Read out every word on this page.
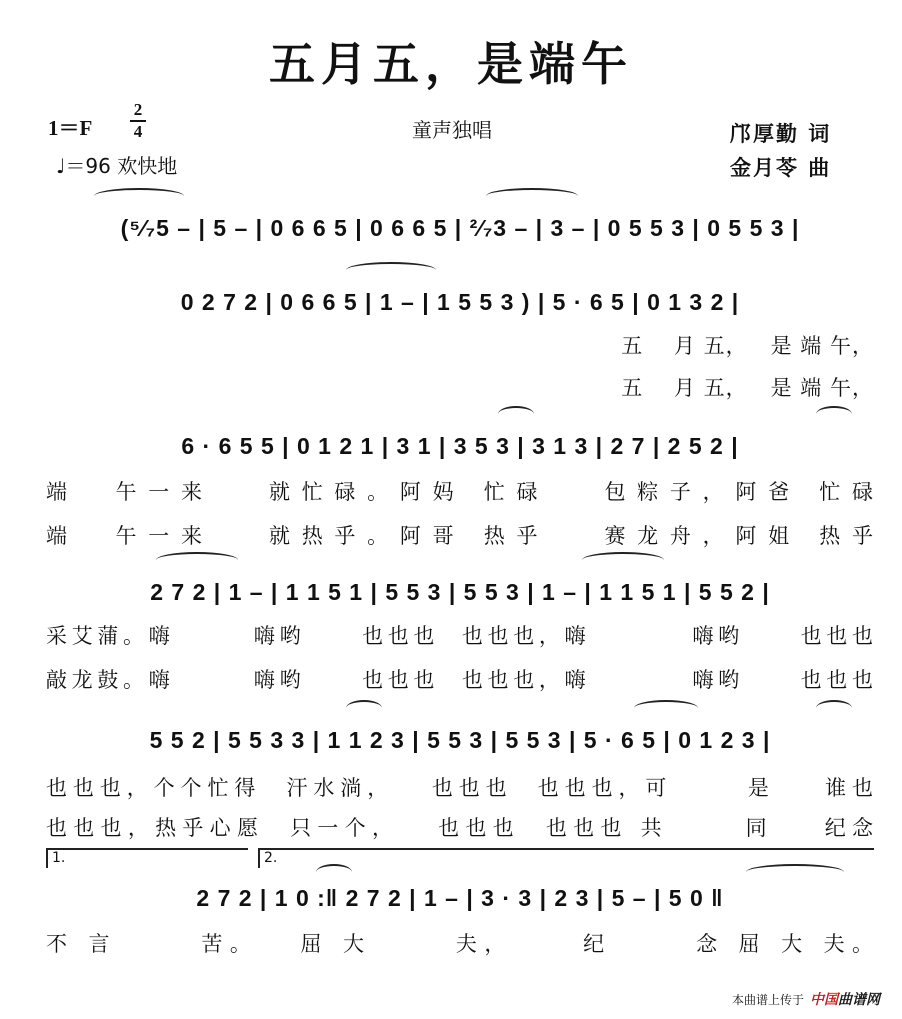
五月五，是端午
1＝F
2
4
♩＝96 欢快地
童声独唱	邝厚勤 词
金月苓 曲
(⁵⁄₇5 – | 5 – | 0 6 6 5 | 0 6 6 5 | ²⁄₇3 – | 3 – | 0 5 5 3 | 0 5 5 3 |
0 2 7 2 | 0 6 6 5 | 1 – | 1 5 5 3 ) | 5 · 6 5 | 0 1 3 2 |
五    月 五，   是 端 午，
五    月 五，   是 端 午，
6 · 6 5 5 | 0 1 2 1 | 3 1 | 3 5 3 | 3 1 3 | 2 7 | 2 5 2 |
端  午一来   就忙碌。阿妈 忙碌   包粽子，阿爸 忙碌
端  午一来   就热乎。阿哥 热乎   赛龙舟，阿姐 热乎
2 7 2 | 1 – | 1 1 5 1 | 5 5 3 | 5 5 3 | 1 – | 1 1 5 1 | 5 5 2 |
采艾蒲。嗨       嗨哟     也也也  也也也，嗨         嗨哟     也也也
敲龙鼓。嗨       嗨哟     也也也  也也也，嗨         嗨哟     也也也
5 5 2 | 5 5 3 3 | 1 1 2 3 | 5 5 3 | 5 5 3 | 5 · 6 5 | 0 1 2 3 |
也也也，个个忙得  汗水淌，   也也也  也也也，可      是    谁也
也也也，热乎心愿  只一个，   也也也  也也也 共      同    纪念
1.	2.
2 7 2 | 1 0 :‖ 2 7 2 | 1 – | 3 · 3 | 2 3 | 5 – | 5 0 ‖
不 言      苦。   屈 大      夫，     纪      念 屈 大 夫。
本曲谱上传于 中国曲谱网
